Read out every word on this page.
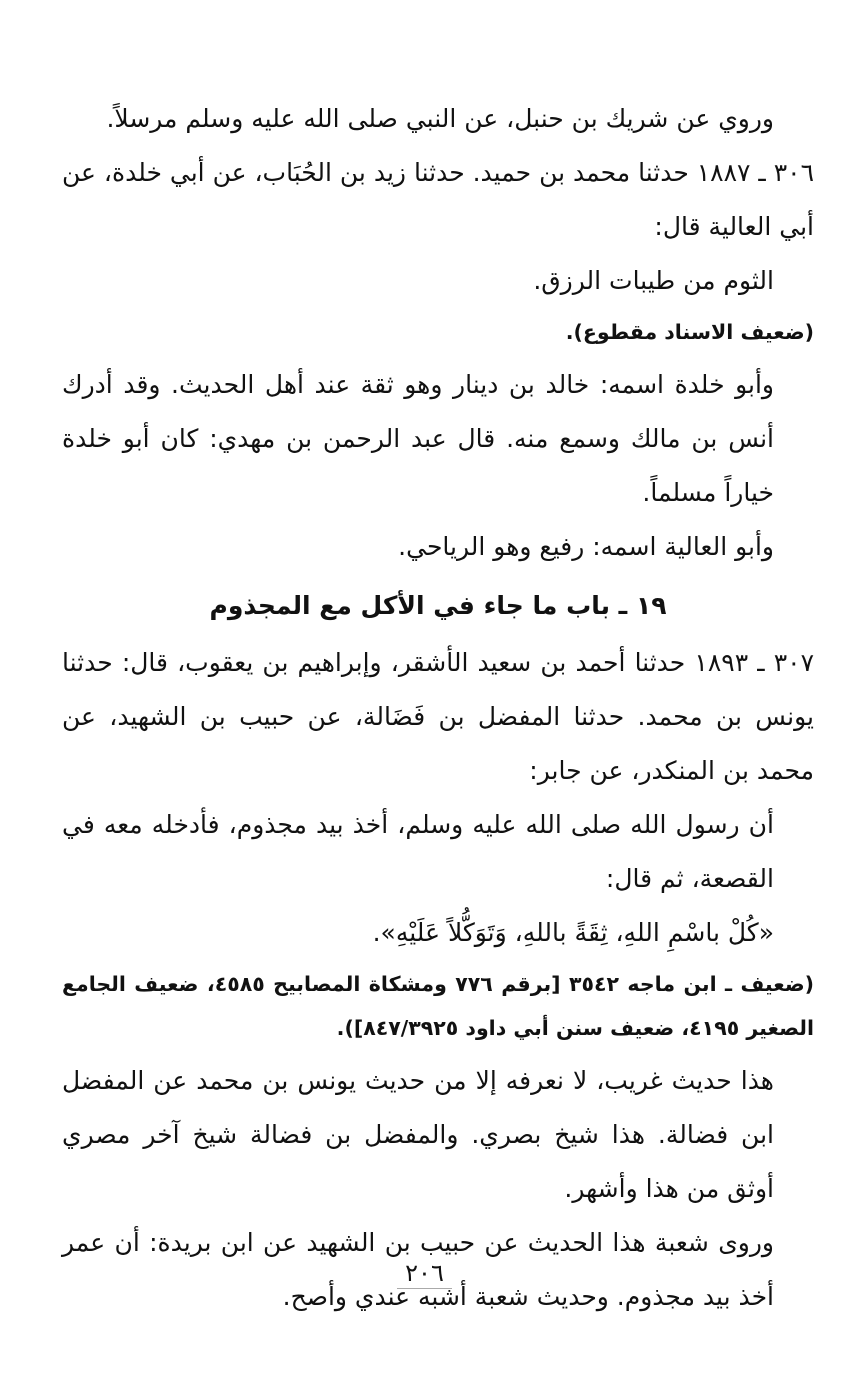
وروي عن شريك بن حنبل، عن النبي صلى الله عليه وسلم مرسلاً.

٣٠٦ ـ ١٨٨٧ حدثنا محمد بن حميد. حدثنا زيد بن الحُبَاب، عن أبي خلدة، عن أبي العالية قال:

الثوم من طيبات الرزق.

(ضعيف الاسناد مقطوع).

وأبو خلدة اسمه: خالد بن دينار وهو ثقة عند أهل الحديث. وقد أدرك أنس بن مالك وسمع منه. قال عبد الرحمن بن مهدي: كان أبو خلدة خياراً مسلماً.

وأبو العالية اسمه: رفيع وهو الرياحي.

١٩ ـ باب ما جاء في الأكل مع المجذوم

٣٠٧ ـ ١٨٩٣ حدثنا أحمد بن سعيد الأشقر، وإبراهيم بن يعقوب، قال: حدثنا يونس بن محمد. حدثنا المفضل بن فَضَالة، عن حبيب بن الشهيد، عن محمد بن المنكدر، عن جابر:

أن رسول الله صلى الله عليه وسلم، أخذ بيد مجذوم، فأدخله معه في القصعة، ثم قال:

«كُلْ باسْمِ اللهِ، ثِقَةً باللهِ، وَتَوَكُّلاً عَلَيْهِ».

(ضعيف ـ ابن ماجه ٣٥٤٢ [برقم ٧٧٦ ومشكاة المصابيح ٤٥٨٥، ضعيف الجامع الصغير ٤١٩٥، ضعيف سنن أبي داود ٨٤٧/٣٩٢٥]).

هذا حديث غريب، لا نعرفه إلا من حديث يونس بن محمد عن المفضل ابن فضالة. هذا شيخ بصري. والمفضل بن فضالة شيخ آخر مصري أوثق من هذا وأشهر.

وروى شعبة هذا الحديث عن حبيب بن الشهيد عن ابن بريدة: أن عمر أخذ بيد مجذوم. وحديث شعبة أشبه عندي وأصح.

٢٠٦
